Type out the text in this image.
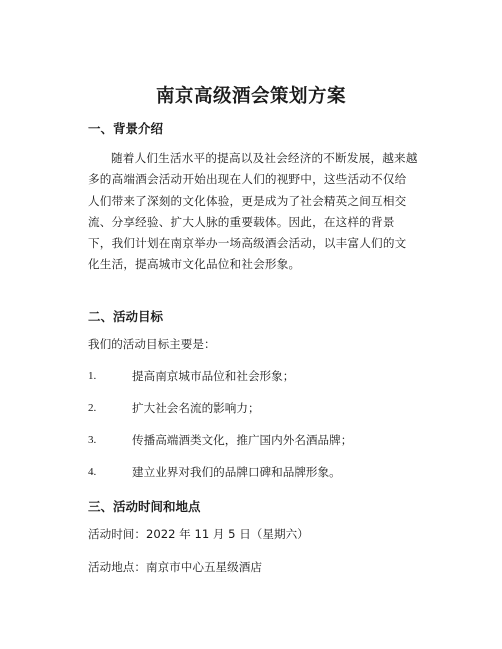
南京高级酒会策划方案
一、背景介绍

随着人们生活水平的提高以及社会经济的不断发展，越来越多的高端酒会活动开始出现在人们的视野中，这些活动不仅给人们带来了深刻的文化体验，更是成为了社会精英之间互相交流、分享经验、扩大人脉的重要载体。因此，在这样的背景下，我们计划在南京举办一场高级酒会活动，以丰富人们的文化生活，提高城市文化品位和社会形象。

二、活动目标
我们的活动目标主要是：
1.	提高南京城市品位和社会形象；
2.	扩大社会名流的影响力；
3.	传播高端酒类文化，推广国内外名酒品牌；
4.	建立业界对我们的品牌口碑和品牌形象。
三、活动时间和地点
活动时间：2022 年 11 月 5 日（星期六）
活动地点：南京市中心五星级酒店
